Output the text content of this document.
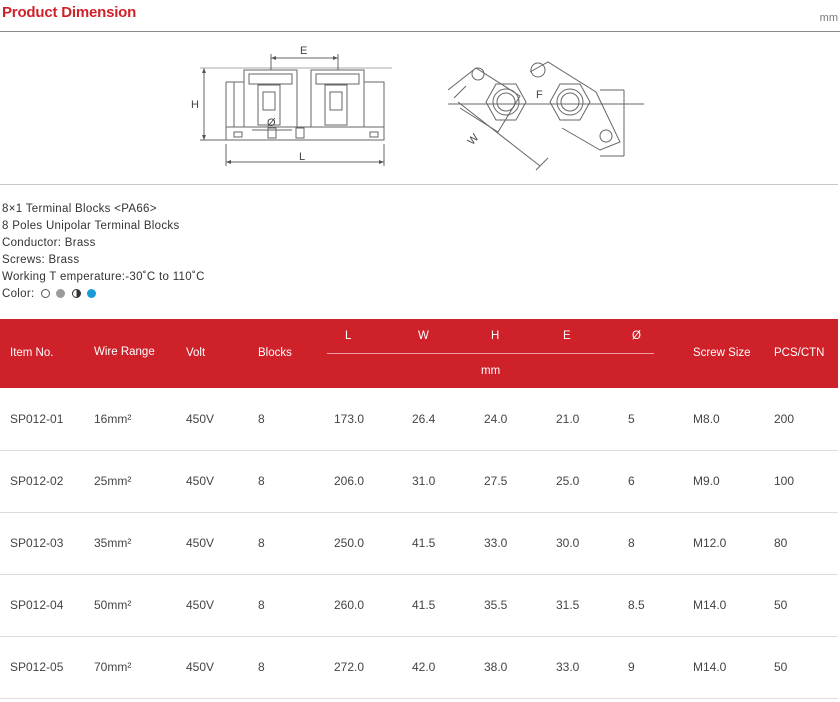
Product Dimension	mm
E
H
Ø
L
F
W
8×1 Terminal Blocks <PA66>
8 Poles Unipolar Terminal Blocks
Conductor: Brass
Screws: Brass
Working T emperature:-30˚C to 110˚C
Color:
Item No.	Wire Range	Volt	Blocks
L	W	H	E	Ø
mm
Screw Size PCS/CTN
SP012-01	16mm²	450V	8	173.0	26.4	24.0	21.0	5	M8.0	200
SP012-02	25mm²	450V	8	206.0	31.0	27.5	25.0	6	M9.0	100
SP012-03	35mm²	450V	8	250.0	41.5	33.0	30.0	8	M12.0	80
SP012-04	50mm²	450V	8	260.0	41.5	35.5	31.5	8.5	M14.0	50
SP012-05	70mm²	450V	8	272.0	42.0	38.0	33.0	9	M14.0	50
